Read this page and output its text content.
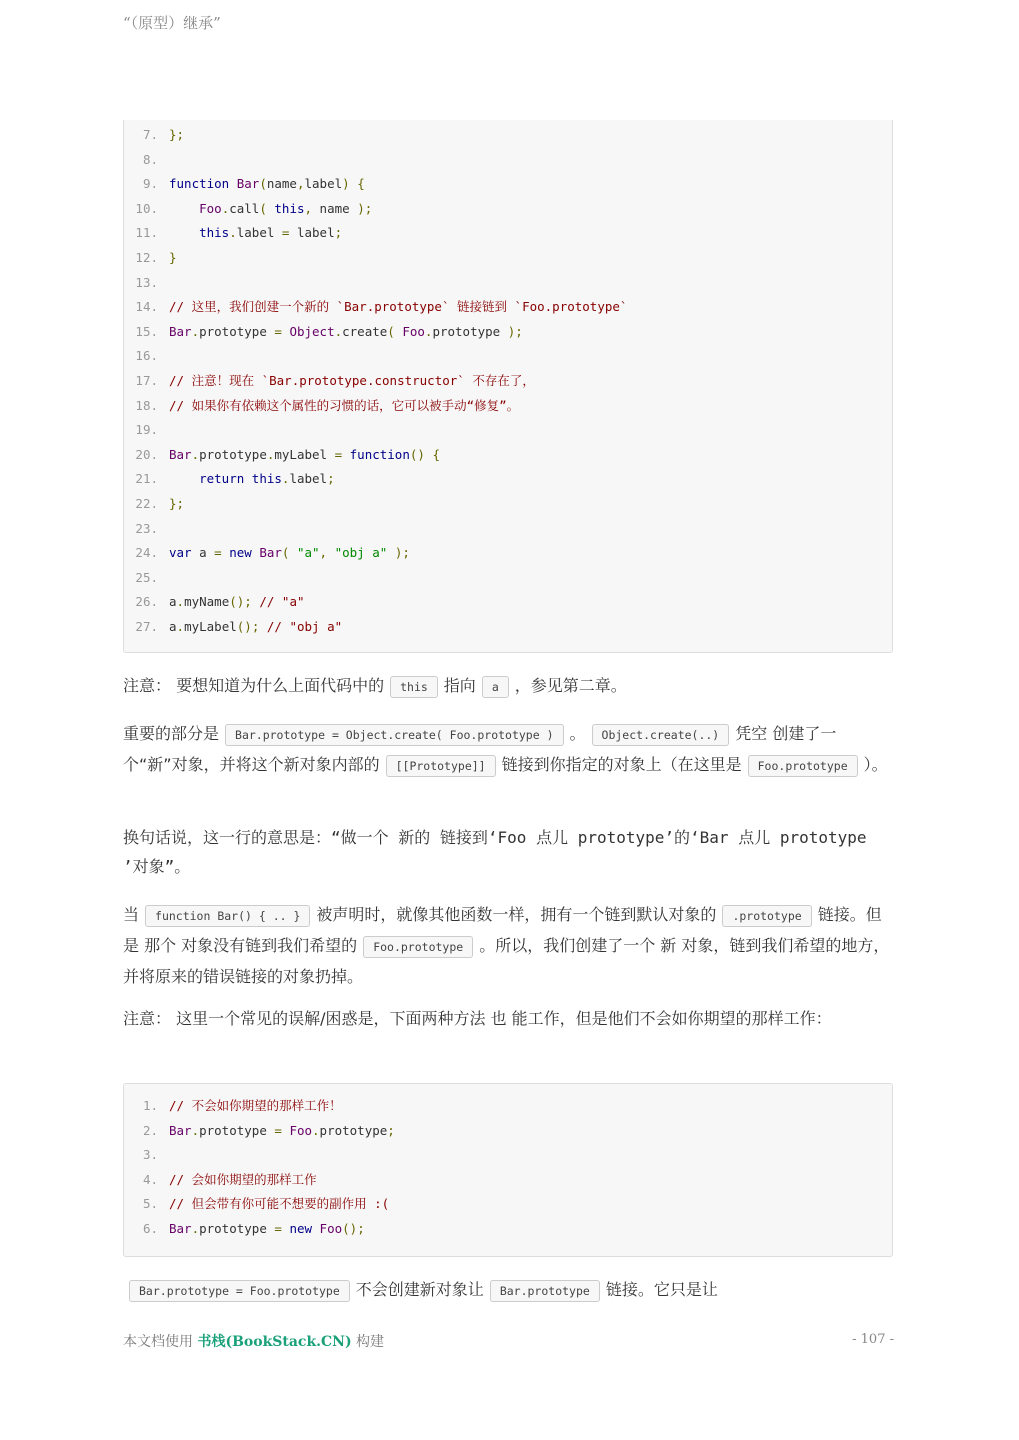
“（原型）继承”
7. };
8.
9. function Bar(name,label) {
10.	Foo.call( this, name );
11.	this.label = label;
12. }
13.
14. // 这里，我们创建一个新的 `Bar.prototype` 链接链到 `Foo.prototype`
15. Bar.prototype = Object.create( Foo.prototype );
16.
17. // 注意！现在 `Bar.prototype.constructor` 不存在了，
18. // 如果你有依赖这个属性的习惯的话，它可以被手动“修复”。
19.
20. Bar.prototype.myLabel = function() {
21.	return this.label;
22. };
23.
24. var a = new Bar( "a", "obj a" );
25.
26. a.myName(); // "a"
27. a.myLabel(); // "obj a"
注意： 要想知道为什么上面代码中的 this 指向 a ，参见第二章。
重要的部分是 Bar.prototype = Object.create( Foo.prototype ) 。 Object.create(..) 凭空 创建了一个“新”对象，并将这个新对象内部的 [[Prototype]] 链接到你指定的对象上（在这里是 Foo.prototype ）。
换句话说，这一行的意思是：“做一个 新的 链接到‘Foo 点儿 prototype’的‘Bar 点儿 prototype ’对象”。
当 function Bar() { .. } 被声明时，就像其他函数一样，拥有一个链到默认对象的 .prototype 链接。但是 那个 对象没有链到我们希望的 Foo.prototype 。所以，我们创建了一个 新 对象，链到我们希望的地方，并将原来的错误链接的对象扔掉。
注意： 这里一个常见的误解/困惑是，下面两种方法 也 能工作，但是他们不会如你期望的那样工作：
1. // 不会如你期望的那样工作！
2. Bar.prototype = Foo.prototype;
3.
4. // 会如你期望的那样工作
5. // 但会带有你可能不想要的副作用 :(
6. Bar.prototype = new Foo();
Bar.prototype = Foo.prototype 不会创建新对象让 Bar.prototype 链接。它只是让
本文档使用 书栈(BookStack.CN) 构建	- 107 -
